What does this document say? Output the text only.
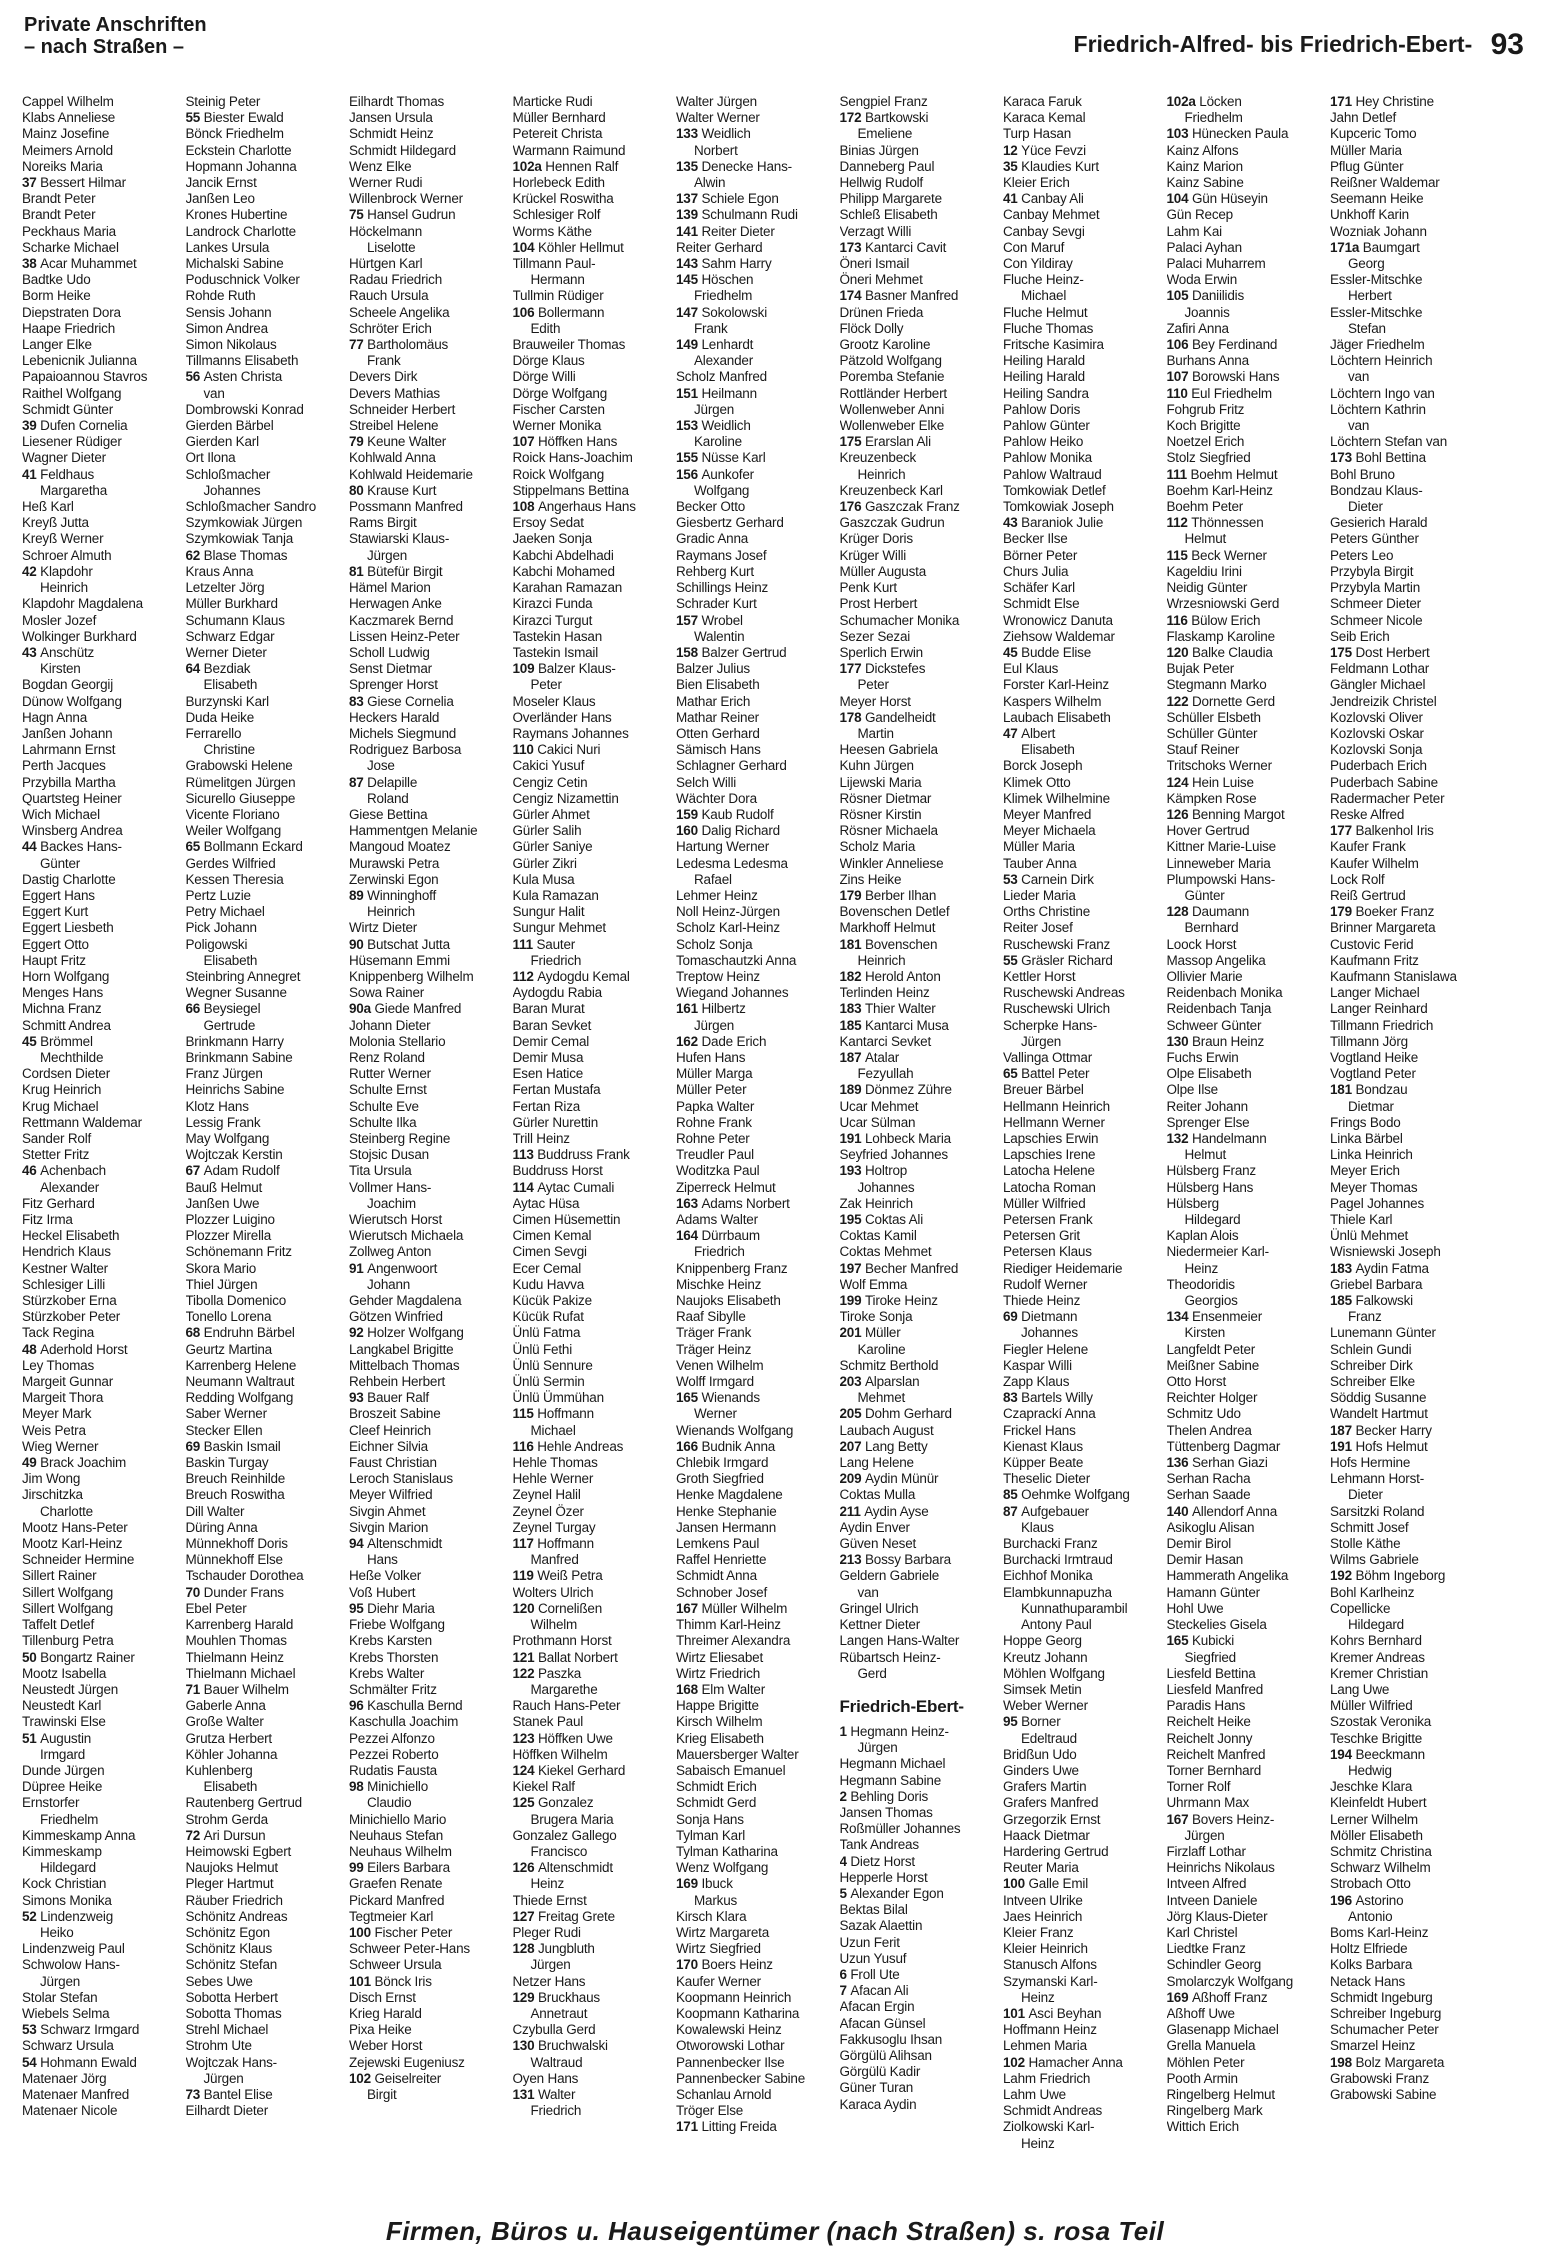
Private Anschriften
– nach Straßen –	Friedrich-Alfred- bis Friedrich-Ebert- 93
Cappel Wilhelm
Klabs Anneliese
Mainz Josefine
Meimers Arnold
Noreiks Maria
37 Bessert Hilmar
Brandt Peter
Brandt Peter
Peckhaus Maria
Scharke Michael
38 Acar Muhammet
Badtke Udo
Borm Heike
Diepstraten Dora
Haape Friedrich
Langer Elke
Lebenicnik Julianna
Papaioannou Stavros
Raithel Wolfgang
Schmidt Günter
39 Dufen Cornelia
Liesener Rüdiger
Wagner Dieter
41 Feldhaus
Margaretha
Heß Karl
Kreyß Jutta
Kreyß Werner
Schroer Almuth
42 Klapdohr
Heinrich
Klapdohr Magdalena
Mosler Jozef
Wolkinger Burkhard
43 Anschütz
Kirsten
Bogdan Georgij
Dünow Wolfgang
Hagn Anna
Janßen Johann
Lahrmann Ernst
Perth Jacques
Przybilla Martha
Quartsteg Heiner
Wich Michael
Winsberg Andrea
44 Backes Hans-
Günter
Dastig Charlotte
Eggert Hans
Eggert Kurt
Eggert Liesbeth
Eggert Otto
Haupt Fritz
Horn Wolfgang
Menges Hans
Michna Franz
Schmitt Andrea
45 Brömmel
Mechthilde
Cordsen Dieter
Krug Heinrich
Krug Michael
Rettmann Waldemar
Sander Rolf
Stetter Fritz
46 Achenbach
Alexander
Fitz Gerhard
Fitz Irma
Heckel Elisabeth
Hendrich Klaus
Kestner Walter
Schlesiger Lilli
Stürzkober Erna
Stürzkober Peter
Tack Regina
48 Aderhold Horst
Ley Thomas
Margeit Gunnar
Margeit Thora
Meyer Mark
Weis Petra
Wieg Werner
49 Brack Joachim
Jim Wong
Jirschitzka
Charlotte
Mootz Hans-Peter
Mootz Karl-Heinz
Schneider Hermine
Sillert Rainer
Sillert Wolfgang
Sillert Wolfgang
Taffelt Detlef
Tillenburg Petra
50 Bongartz Rainer
Mootz Isabella
Neustedt Jürgen
Neustedt Karl
Trawinski Else
51 Augustin
Irmgard
Dunde Jürgen
Düpree Heike
Ernstorfer
Friedhelm
Kimmeskamp Anna
Kimmeskamp
Hildegard
Kock Christian
Simons Monika
52 Lindenzweig
Heiko
Lindenzweig Paul
Schwolow Hans-
Jürgen
Stolar Stefan
Wiebels Selma
53 Schwarz Irmgard
Schwarz Ursula
54 Hohmann Ewald
Matenaer Jörg
Matenaer Manfred
Matenaer Nicole
Steinig Peter
55 Biester Ewald
Bönck Friedhelm
Eckstein Charlotte
Hopmann Johanna
Jancik Ernst
Janßen Leo
Krones Hubertine
Landrock Charlotte
Lankes Ursula
Michalski Sabine
Poduschnick Volker
Rohde Ruth
Sensis Johann
Simon Andrea
Simon Nikolaus
Tillmanns Elisabeth
56 Asten Christa
van
Dombrowski Konrad
Gierden Bärbel
Gierden Karl
Ort Ilona
Schloßmacher
Johannes
Schloßmacher Sandro
Szymkowiak Jürgen
Szymkowiak Tanja
62 Blase Thomas
Kraus Anna
Letzelter Jörg
Müller Burkhard
Schumann Klaus
Schwarz Edgar
Werner Dieter
64 Bezdiak
Elisabeth
Burzynski Karl
Duda Heike
Ferrarello
Christine
Grabowski Helene
Rümelitgen Jürgen
Sicurello Giuseppe
Vicente Floriano
Weiler Wolfgang
65 Bollmann Eckard
Gerdes Wilfried
Kessen Theresia
Pertz Luzie
Petry Michael
Pick Johann
Poligowski
Elisabeth
Steinbring Annegret
Wegner Susanne
66 Beysiegel
Gertrude
Brinkmann Harry
Brinkmann Sabine
Franz Jürgen
Heinrichs Sabine
Klotz Hans
Lessig Frank
May Wolfgang
Wojtczak Kerstin
67 Adam Rudolf
Bauß Helmut
Janßen Uwe
Plozzer Luigino
Plozzer Mirella
Schönemann Fritz
Skora Mario
Thiel Jürgen
Tibolla Domenico
Tonello Lorena
68 Endruhn Bärbel
Geurtz Martina
Karrenberg Helene
Neumann Waltraut
Redding Wolfgang
Saber Werner
Stecker Ellen
69 Baskin Ismail
Baskin Turgay
Breuch Reinhilde
Breuch Roswitha
Dill Walter
Düring Anna
Münnekhoff Doris
Münnekhoff Else
Tschauder Dorothea
70 Dunder Frans
Ebel Peter
Karrenberg Harald
Mouhlen Thomas
Thielmann Heinz
Thielmann Michael
71 Bauer Wilhelm
Gaberle Anna
Große Walter
Grutza Herbert
Köhler Johanna
Kuhlenberg
Elisabeth
Rautenberg Gertrud
Strohm Gerda
72 Ari Dursun
Heimowski Egbert
Naujoks Helmut
Pleger Hartmut
Räuber Friedrich
Schönitz Andreas
Schönitz Egon
Schönitz Klaus
Schönitz Stefan
Sebes Uwe
Sobotta Herbert
Sobotta Thomas
Strehl Michael
Strohm Ute
Wojtczak Hans-
Jürgen
73 Bantel Elise
Eilhardt Dieter
Eilhardt Thomas
Jansen Ursula
Schmidt Heinz
Schmidt Hildegard
Wenz Elke
Werner Rudi
Willenbrock Werner
75 Hansel Gudrun
Höckelmann
Liselotte
Hürtgen Karl
Radau Friedrich
Rauch Ursula
Scheele Angelika
Schröter Erich
77 Bartholomäus
Frank
Devers Dirk
Devers Mathias
Schneider Herbert
Streibel Helene
79 Keune Walter
Kohlwald Anna
Kohlwald Heidemarie
80 Krause Kurt
Possmann Manfred
Rams Birgit
Stawiarski Klaus-
Jürgen
81 Bütefür Birgit
Hämel Marion
Herwagen Anke
Kaczmarek Bernd
Lissen Heinz-Peter
Scholl Ludwig
Senst Dietmar
Sprenger Horst
83 Giese Cornelia
Heckers Harald
Michels Siegmund
Rodriguez Barbosa
Jose
87 Delapille
Roland
Giese Bettina
Hammentgen Melanie
Mangoud Moatez
Murawski Petra
Zerwinski Egon
89 Winninghoff
Heinrich
Wirtz Dieter
90 Butschat Jutta
Hüsemann Emmi
Knippenberg Wilhelm
Sowa Rainer
90a Giede Manfred
Johann Dieter
Molonia Stellario
Renz Roland
Rutter Werner
Schulte Ernst
Schulte Eve
Schulte Ilka
Steinberg Regine
Stojsic Dusan
Tita Ursula
Vollmer Hans-
Joachim
Wierutsch Horst
Wierutsch Michaela
Zollweg Anton
91 Angenwoort
Johann
Gehder Magdalena
Götzen Winfried
92 Holzer Wolfgang
Langkabel Brigitte
Mittelbach Thomas
Rehbein Herbert
93 Bauer Ralf
Broszeit Sabine
Cleef Heinrich
Eichner Silvia
Faust Christian
Leroch Stanislaus
Meyer Wilfried
Sivgin Ahmet
Sivgin Marion
94 Altenschmidt
Hans
Heße Volker
Voß Hubert
95 Diehr Maria
Friebe Wolfgang
Krebs Karsten
Krebs Thorsten
Krebs Walter
Schmälter Fritz
96 Kaschulla Bernd
Kaschulla Joachim
Pezzei Alfonzo
Pezzei Roberto
Rudatis Fausta
98 Minichiello
Claudio
Minichiello Mario
Neuhaus Stefan
Neuhaus Wilhelm
99 Eilers Barbara
Graefen Renate
Pickard Manfred
Tegtmeier Karl
100 Fischer Peter
Schweer Peter-Hans
Schweer Ursula
101 Bönck Iris
Disch Ernst
Krieg Harald
Pixa Heike
Weber Horst
Zejewski Eugeniusz
102 Geiselreiter
Birgit
Marticke Rudi
Müller Bernhard
Petereit Christa
Warmann Raimund
102a Hennen Ralf
Horlebeck Edith
Krückel Roswitha
Schlesiger Rolf
Worms Käthe
104 Köhler Hellmut
Tillmann Paul-
Hermann
Tullmin Rüdiger
106 Bollermann
Edith
Brauweiler Thomas
Dörge Klaus
Dörge Willi
Dörge Wolfgang
Fischer Carsten
Werner Monika
107 Höffken Hans
Roick Hans-Joachim
Roick Wolfgang
Stippelmans Bettina
108 Angerhaus Hans
Ersoy Sedat
Jaeken Sonja
Kabchi Abdelhadi
Kabchi Mohamed
Karahan Ramazan
Kirazci Funda
Kirazci Turgut
Tastekin Hasan
Tastekin Ismail
109 Balzer Klaus-
Peter
Moseler Klaus
Overländer Hans
Raymans Johannes
110 Cakici Nuri
Cakici Yusuf
Cengiz Cetin
Cengiz Nizamettin
Gürler Ahmet
Gürler Salih
Gürler Saniye
Gürler Zikri
Kula Musa
Kula Ramazan
Sungur Halit
Sungur Mehmet
111 Sauter
Friedrich
112 Aydogdu Kemal
Aydogdu Rabia
Baran Murat
Baran Sevket
Demir Cemal
Demir Musa
Esen Hatice
Fertan Mustafa
Fertan Riza
Gürler Nurettin
Trill Heinz
113 Buddruss Frank
Buddruss Horst
114 Aytac Cumali
Aytac Hüsa
Cimen Hüsemettin
Cimen Kemal
Cimen Sevgi
Ecer Cemal
Kudu Havva
Kücük Pakize
Kücük Rufat
Ünlü Fatma
Ünlü Fethi
Ünlü Sennure
Ünlü Sermin
Ünlü Ümmühan
115 Hoffmann
Michael
116 Hehle Andreas
Hehle Thomas
Hehle Werner
Zeynel Halil
Zeynel Özer
Zeynel Turgay
117 Hoffmann
Manfred
119 Weiß Petra
Wolters Ulrich
120 Cornelißen
Wilhelm
Prothmann Horst
121 Ballat Norbert
122 Paszka
Margarethe
Rauch Hans-Peter
Stanek Paul
123 Höffken Uwe
Höffken Wilhelm
124 Kiekel Gerhard
Kiekel Ralf
125 Gonzalez
Brugera Maria
Gonzalez Gallego
Francisco
126 Altenschmidt
Heinz
Thiede Ernst
127 Freitag Grete
Pleger Rudi
128 Jungbluth
Jürgen
Netzer Hans
129 Bruckhaus
Annetraut
Czybulla Gerd
130 Bruchwalski
Waltraud
Oyen Hans
131 Walter
Friedrich
Walter Jürgen
Walter Werner
133 Weidlich
Norbert
135 Denecke Hans-
Alwin
137 Schiele Egon
139 Schulmann Rudi
141 Reiter Dieter
Reiter Gerhard
143 Sahm Harry
145 Höschen
Friedhelm
147 Sokolowski
Frank
149 Lenhardt
Alexander
Scholz Manfred
151 Heilmann
Jürgen
153 Weidlich
Karoline
155 Nüsse Karl
156 Aunkofer
Wolfgang
Becker Otto
Giesbertz Gerhard
Gradic Anna
Raymans Josef
Rehberg Kurt
Schillings Heinz
Schrader Kurt
157 Wrobel
Walentin
158 Balzer Gertrud
Balzer Julius
Bien Elisabeth
Mathar Erich
Mathar Reiner
Otten Gerhard
Sämisch Hans
Schlagner Gerhard
Selch Willi
Wächter Dora
159 Kaub Rudolf
160 Dalig Richard
Hartung Werner
Ledesma Ledesma
Rafael
Lehmer Heinz
Noll Heinz-Jürgen
Scholz Karl-Heinz
Scholz Sonja
Tomaschautzki Anna
Treptow Heinz
Wiegand Johannes
161 Hilbertz
Jürgen
162 Dade Erich
Hufen Hans
Müller Marga
Müller Peter
Papka Walter
Rohne Frank
Rohne Peter
Treudler Paul
Woditzka Paul
Ziperreck Helmut
163 Adams Norbert
Adams Walter
164 Dürrbaum
Friedrich
Knippenberg Franz
Mischke Heinz
Naujoks Elisabeth
Raaf Sibylle
Träger Frank
Träger Heinz
Venen Wilhelm
Wolff Irmgard
165 Wienands
Werner
Wienands Wolfgang
166 Budnik Anna
Chlebik Irmgard
Groth Siegfried
Henke Magdalene
Henke Stephanie
Jansen Hermann
Lemkens Paul
Raffel Henriette
Schmidt Anna
Schnober Josef
167 Müller Wilhelm
Thimm Karl-Heinz
Threimer Alexandra
Wirtz Eliesabet
Wirtz Friedrich
168 Elm Walter
Happe Brigitte
Kirsch Wilhelm
Krieg Elisabeth
Mauersberger Walter
Sabaisch Emanuel
Schmidt Erich
Schmidt Gerd
Sonja Hans
Tylman Karl
Tylman Katharina
Wenz Wolfgang
169 Ibuck
Markus
Kirsch Klara
Wirtz Margareta
Wirtz Siegfried
170 Boers Heinz
Kaufer Werner
Koopmann Heinrich
Koopmann Katharina
Kowalewski Heinz
Otworowski Lothar
Pannenbecker Ilse
Pannenbecker Sabine
Schanlau Arnold
Tröger Else
171 Litting Freida
Sengpiel Franz
172 Bartkowski
Emeliene
Binias Jürgen
Danneberg Paul
Hellwig Rudolf
Philipp Margarete
Schleß Elisabeth
Verzagt Willi
173 Kantarci Cavit
Öneri Ismail
Öneri Mehmet
174 Basner Manfred
Drünen Frieda
Flöck Dolly
Grootz Karoline
Pätzold Wolfgang
Poremba Stefanie
Rottländer Herbert
Wollenweber Anni
Wollenweber Elke
175 Erarslan Ali
Kreuzenbeck
Heinrich
Kreuzenbeck Karl
176 Gaszczak Franz
Gaszczak Gudrun
Krüger Doris
Krüger Willi
Müller Augusta
Penk Kurt
Prost Herbert
Schumacher Monika
Sezer Sezai
Sperlich Erwin
177 Dickstefes
Peter
Meyer Horst
178 Gandelheidt
Martin
Heesen Gabriela
Kuhn Jürgen
Lijewski Maria
Rösner Dietmar
Rösner Kirstin
Rösner Michaela
Scholz Maria
Winkler Anneliese
Zins Heike
179 Berber Ilhan
Bovenschen Detlef
Markhoff Helmut
181 Bovenschen
Heinrich
182 Herold Anton
Terlinden Heinz
183 Thier Walter
185 Kantarci Musa
Kantarci Sevket
187 Atalar
Fezyullah
189 Dönmez Zühre
Ucar Mehmet
Ucar Sülman
191 Lohbeck Maria
Seyfried Johannes
193 Holtrop
Johannes
Zak Heinrich
195 Coktas Ali
Coktas Kamil
Coktas Mehmet
197 Becher Manfred
Wolf Emma
199 Tiroke Heinz
Tiroke Sonja
201 Müller
Karoline
Schmitz Berthold
203 Alparslan
Mehmet
205 Dohm Gerhard
Laubach August
207 Lang Betty
Lang Helene
209 Aydin Münür
Coktas Mulla
211 Aydin Ayse
Aydin Enver
Güven Neset
213 Bossy Barbara
Geldern Gabriele
van
Gringel Ulrich
Kettner Dieter
Langen Hans-Walter
Rübartsch Heinz-
Gerd
Friedrich-Ebert-
1 Hegmann Heinz-
Jürgen
Hegmann Michael
Hegmann Sabine
2 Behling Doris
Jansen Thomas
Roßmüller Johannes
Tank Andreas
4 Dietz Horst
Hepperle Horst
5 Alexander Egon
Bektas Bilal
Sazak Alaettin
Uzun Ferit
Uzun Yusuf
6 Froll Ute
7 Afacan Ali
Afacan Ergin
Afacan Günsel
Fakkusoglu Ihsan
Görgülü Alihsan
Görgülü Kadir
Güner Turan
Karaca Aydin
Karaca Faruk
Karaca Kemal
Turp Hasan
12 Yüce Fevzi
35 Klaudies Kurt
Kleier Erich
41 Canbay Ali
Canbay Mehmet
Canbay Sevgi
Con Maruf
Con Yildiray
Fluche Heinz-
Michael
Fluche Helmut
Fluche Thomas
Fritsche Kasimira
Heiling Harald
Heiling Harald
Heiling Sandra
Pahlow Doris
Pahlow Günter
Pahlow Heiko
Pahlow Monika
Pahlow Waltraud
Tomkowiak Detlef
Tomkowiak Joseph
43 Baraniok Julie
Becker Ilse
Börner Peter
Churs Julia
Schäfer Karl
Schmidt Else
Wronowicz Danuta
Ziehsow Waldemar
45 Budde Elise
Eul Klaus
Forster Karl-Heinz
Kaspers Wilhelm
Laubach Elisabeth
47 Albert
Elisabeth
Borck Joseph
Klimek Otto
Klimek Wilhelmine
Meyer Manfred
Meyer Michaela
Müller Maria
Tauber Anna
53 Carnein Dirk
Lieder Maria
Orths Christine
Reiter Josef
Ruschewski Franz
55 Gräsler Richard
Kettler Horst
Ruschewski Andreas
Ruschewski Ulrich
Scherpke Hans-
Jürgen
Vallinga Ottmar
65 Battel Peter
Breuer Bärbel
Hellmann Heinrich
Hellmann Werner
Lapschies Erwin
Lapschies Irene
Latocha Helene
Latocha Roman
Müller Wilfried
Petersen Frank
Petersen Grit
Petersen Klaus
Riediger Heidemarie
Rudolf Werner
Thiede Heinz
69 Dietmann
Johannes
Fiegler Helene
Kaspar Willi
Zapp Klaus
83 Bartels Willy
Czaprackí Anna
Frickel Hans
Kienast Klaus
Küpper Beate
Theselic Dieter
85 Oehmke Wolfgang
87 Aufgebauer
Klaus
Burchacki Franz
Burchacki Irmtraud
Eichhof Monika
Elambkunnapuzha
Kunnathuparambil
Antony Paul
Hoppe Georg
Kreutz Johann
Möhlen Wolfgang
Simsek Metin
Weber Werner
95 Borner
Edeltraud
Bridßun Udo
Ginders Uwe
Grafers Martin
Grafers Manfred
Grzegorzik Ernst
Haack Dietmar
Hardering Gertrud
Reuter Maria
100 Galle Emil
Intveen Ulrike
Jaes Heinrich
Kleier Franz
Kleier Heinrich
Stanusch Alfons
Szymanski Karl-
Heinz
101 Asci Beyhan
Hoffmann Heinz
Lehmen Maria
102 Hamacher Anna
Lahm Friedrich
Lahm Uwe
Schmidt Andreas
Ziolkowski Karl-
Heinz
102a Löcken
Friedhelm
103 Hünecken Paula
Kainz Alfons
Kainz Marion
Kainz Sabine
104 Gün Hüseyin
Gün Recep
Lahm Kai
Palaci Ayhan
Palaci Muharrem
Woda Erwin
105 Daniilidis
Joannis
Zafiri Anna
106 Bey Ferdinand
Burhans Anna
107 Borowski Hans
110 Eul Friedhelm
Fohgrub Fritz
Koch Brigitte
Noetzel Erich
Stolz Siegfried
111 Boehm Helmut
Boehm Karl-Heinz
Boehm Peter
112 Thönnessen
Helmut
115 Beck Werner
Kageldiu Irini
Neidig Günter
Wrzesniowski Gerd
116 Bülow Erich
Flaskamp Karoline
120 Balke Claudia
Bujak Peter
Stegmann Marko
122 Dornette Gerd
Schüller Elsbeth
Schüller Günter
Stauf Reiner
Tritschoks Werner
124 Hein Luise
Kämpken Rose
126 Benning Margot
Hover Gertrud
Kittner Marie-Luise
Linneweber Maria
Plumpowski Hans-
Günter
128 Daumann
Bernhard
Loock Horst
Massop Angelika
Ollivier Marie
Reidenbach Monika
Reidenbach Tanja
Schweer Günter
130 Braun Heinz
Fuchs Erwin
Olpe Elisabeth
Olpe Ilse
Reiter Johann
Sprenger Else
132 Handelmann
Helmut
Hülsberg Franz
Hülsberg Hans
Hülsberg
Hildegard
Kaplan Alois
Niedermeier Karl-
Heinz
Theodoridis
Georgios
134 Ensenmeier
Kirsten
Langfeldt Peter
Meißner Sabine
Otto Horst
Reichter Holger
Schmitz Udo
Thelen Andrea
Tüttenberg Dagmar
136 Serhan Giazi
Serhan Racha
Serhan Saade
140 Allendorf Anna
Asikoglu Alisan
Demir Birol
Demir Hasan
Hammerath Angelika
Hamann Günter
Hohl Uwe
Steckelies Gisela
165 Kubicki
Siegfried
Liesfeld Bettina
Liesfeld Manfred
Paradis Hans
Reichelt Heike
Reichelt Jonny
Reichelt Manfred
Torner Bernhard
Torner Rolf
Uhrmann Max
167 Bovers Heinz-
Jürgen
Firzlaff Lothar
Heinrichs Nikolaus
Intveen Alfred
Intveen Daniele
Jörg Klaus-Dieter
Karl Christel
Liedtke Franz
Schindler Georg
Smolarczyk Wolfgang
169 Aßhoff Franz
Aßhoff Uwe
Glasenapp Michael
Grella Manuela
Möhlen Peter
Pooth Armin
Ringelberg Helmut
Ringelberg Mark
Wittich Erich
171 Hey Christine
Jahn Detlef
Kupceric Tomo
Müller Maria
Pflug Günter
Reißner Waldemar
Seemann Heike
Unkhoff Karin
Wozniak Johann
171a Baumgart
Georg
Essler-Mitschke
Herbert
Essler-Mitschke
Stefan
Jäger Friedhelm
Löchtern Heinrich
van
Löchtern Ingo van
Löchtern Kathrin
van
Löchtern Stefan van
173 Bohl Bettina
Bohl Bruno
Bondzau Klaus-
Dieter
Gesierich Harald
Peters Günther
Peters Leo
Przybyla Birgit
Przybyla Martin
Schmeer Dieter
Schmeer Nicole
Seib Erich
175 Dost Herbert
Feldmann Lothar
Gängler Michael
Jendreizik Christel
Kozlovski Oliver
Kozlovski Oskar
Kozlovski Sonja
Puderbach Erich
Puderbach Sabine
Radermacher Peter
Reske Alfred
177 Balkenhol Iris
Kaufer Frank
Kaufer Wilhelm
Lock Rolf
Reiß Gertrud
179 Boeker Franz
Brinner Margareta
Custovic Ferid
Kaufmann Fritz
Kaufmann Stanislawa
Langer Michael
Langer Reinhard
Tillmann Friedrich
Tillmann Jörg
Vogtland Heike
Vogtland Peter
181 Bondzau
Dietmar
Frings Bodo
Linka Bärbel
Linka Heinrich
Meyer Erich
Meyer Thomas
Pagel Johannes
Thiele Karl
Ünlü Mehmet
Wisniewski Joseph
183 Aydin Fatma
Griebel Barbara
185 Falkowski
Franz
Lunemann Günter
Schlein Gundi
Schreiber Dirk
Schreiber Elke
Söddig Susanne
Wandelt Hartmut
187 Becker Harry
191 Hofs Helmut
Hofs Hermine
Lehmann Horst-
Dieter
Sarsitzki Roland
Schmitt Josef
Stolle Käthe
Wilms Gabriele
192 Böhm Ingeborg
Bohl Karlheinz
Copellicke
Hildegard
Kohrs Bernhard
Kremer Andreas
Kremer Christian
Lang Uwe
Müller Wilfried
Szostak Veronika
Teschke Brigitte
194 Beeckmann
Hedwig
Jeschke Klara
Kleinfeldt Hubert
Lerner Wilhelm
Möller Elisabeth
Schmitz Christina
Schwarz Wilhelm
Strobach Otto
196 Astorino
Antonio
Boms Karl-Heinz
Holtz Elfriede
Kolks Barbara
Netack Hans
Schmidt Ingeburg
Schreiber Ingeburg
Schumacher Peter
Smarzel Heinz
198 Bolz Margareta
Grabowski Franz
Grabowski Sabine
Firmen, Büros u. Hauseigentümer (nach Straßen) s. rosa Teil
